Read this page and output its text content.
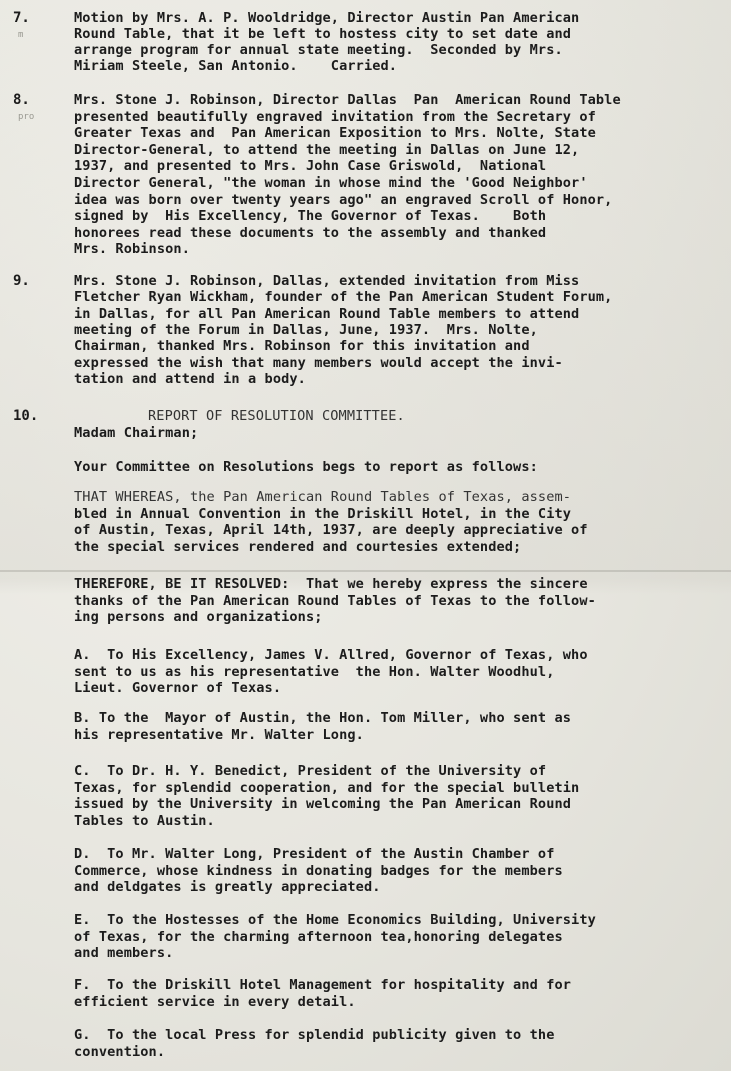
7.
m
Motion by Mrs. A. P. Wooldridge, Director Austin Pan American
Round Table, that it be left to hostess city to set date and
arrange program for annual state meeting.  Seconded by Mrs.
Miriam Steele, San Antonio.    Carried.
8.
pro
Mrs. Stone J. Robinson, Director Dallas  Pan  American Round Table
presented beautifully engraved invitation from the Secretary of
Greater Texas and  Pan American Exposition to Mrs. Nolte, State
Director-General, to attend the meeting in Dallas on June 12,
1937, and presented to Mrs. John Case Griswold,  National
Director General, "the woman in whose mind the 'Good Neighbor'
idea was born over twenty years ago" an engraved Scroll of Honor,
signed by  His Excellency, The Governor of Texas.    Both
honorees read these documents to the assembly and thanked
Mrs. Robinson.
9.	Mrs. Stone J. Robinson, Dallas, extended invitation from Miss
Fletcher Ryan Wickham, founder of the Pan American Student Forum,
in Dallas, for all Pan American Round Table members to attend
meeting of the Forum in Dallas, June, 1937.  Mrs. Nolte,
Chairman, thanked Mrs. Robinson for this invitation and
expressed the wish that many members would accept the invi-
tation and attend in a body.
10.	REPORT OF RESOLUTION COMMITTEE.
Madam Chairman;
Your Committee on Resolutions begs to report as follows:
THAT WHEREAS, the Pan American Round Tables of Texas, assem-
bled in Annual Convention in the Driskill Hotel, in the City
of Austin, Texas, April 14th, 1937, are deeply appreciative of
the special services rendered and courtesies extended;
THEREFORE, BE IT RESOLVED:  That we hereby express the sincere
thanks of the Pan American Round Tables of Texas to the follow-
ing persons and organizations;
A.  To His Excellency, James V. Allred, Governor of Texas, who
sent to us as his representative  the Hon. Walter Woodhul,
Lieut. Governor of Texas.
B. To the  Mayor of Austin, the Hon. Tom Miller, who sent as
his representative Mr. Walter Long.
C.  To Dr. H. Y. Benedict, President of the University of
Texas, for splendid cooperation, and for the special bulletin
issued by the University in welcoming the Pan American Round
Tables to Austin.
D.  To Mr. Walter Long, President of the Austin Chamber of
Commerce, whose kindness in donating badges for the members
and deldgates is greatly appreciated.
E.  To the Hostesses of the Home Economics Building, University
of Texas, for the charming afternoon tea,honoring delegates
and members.
F.  To the Driskill Hotel Management for hospitality and for
efficient service in every detail.
G.  To the local Press for splendid publicity given to the
convention.
